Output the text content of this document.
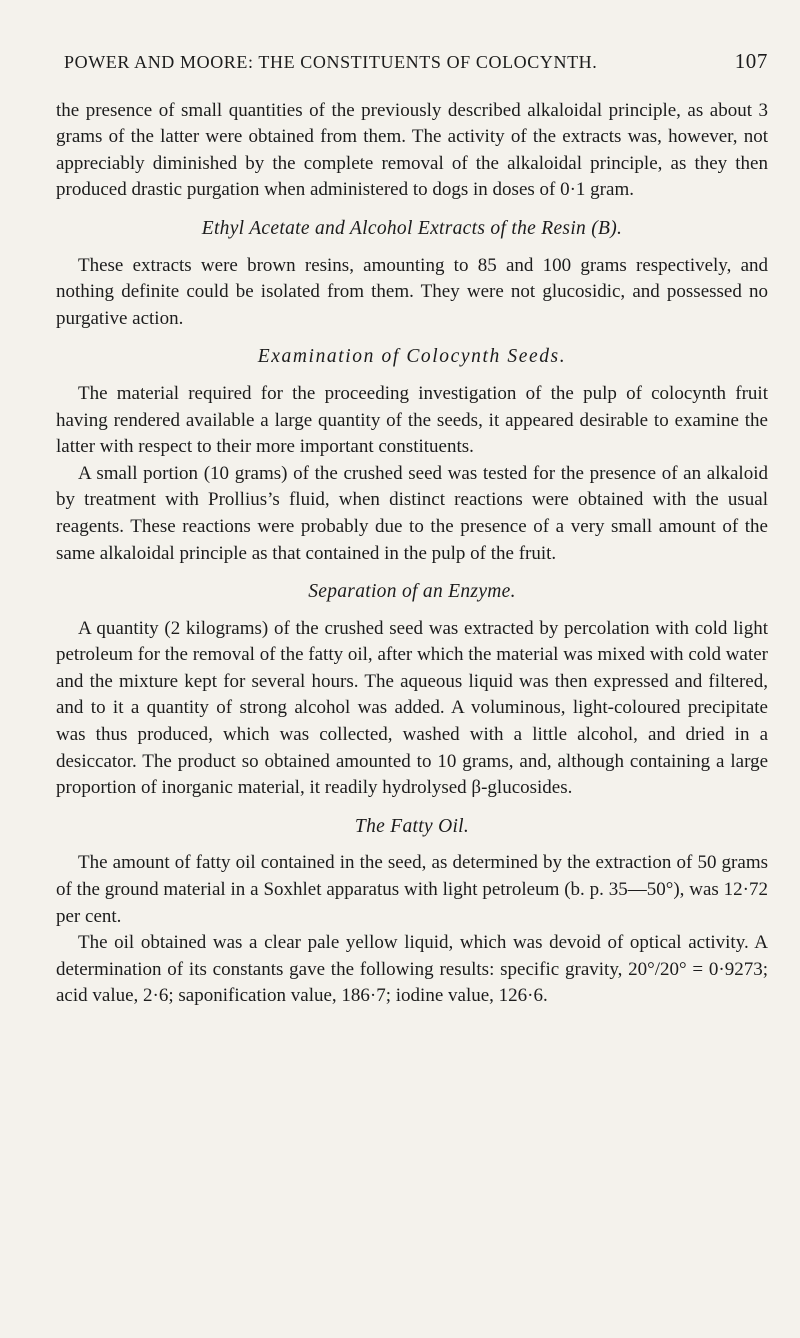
POWER AND MOORE: THE CONSTITUENTS OF COLOCYNTH.	107

the presence of small quantities of the previously described alkaloidal principle, as about 3 grams of the latter were obtained from them. The activity of the extracts was, however, not appreciably diminished by the complete removal of the alkaloidal principle, as they then produced drastic purgation when administered to dogs in doses of 0·1 gram.

Ethyl Acetate and Alcohol Extracts of the Resin (B).

These extracts were brown resins, amounting to 85 and 100 grams respectively, and nothing definite could be isolated from them. They were not glucosidic, and possessed no purgative action.

Examination of Colocynth Seeds.

The material required for the proceeding investigation of the pulp of colocynth fruit having rendered available a large quantity of the seeds, it appeared desirable to examine the latter with respect to their more important constituents.

A small portion (10 grams) of the crushed seed was tested for the presence of an alkaloid by treatment with Prollius’s fluid, when distinct reactions were obtained with the usual reagents. These reactions were probably due to the presence of a very small amount of the same alkaloidal principle as that contained in the pulp of the fruit.

Separation of an Enzyme.

A quantity (2 kilograms) of the crushed seed was extracted by percolation with cold light petroleum for the removal of the fatty oil, after which the material was mixed with cold water and the mixture kept for several hours. The aqueous liquid was then expressed and filtered, and to it a quantity of strong alcohol was added. A voluminous, light-coloured precipitate was thus produced, which was collected, washed with a little alcohol, and dried in a desiccator. The product so obtained amounted to 10 grams, and, although containing a large proportion of inorganic material, it readily hydrolysed β-glucosides.

The Fatty Oil.

The amount of fatty oil contained in the seed, as determined by the extraction of 50 grams of the ground material in a Soxhlet apparatus with light petroleum (b. p. 35—50°), was 12·72 per cent.

The oil obtained was a clear pale yellow liquid, which was devoid of optical activity. A determination of its constants gave the following results: specific gravity, 20°/20° = 0·9273; acid value, 2·6; saponification value, 186·7; iodine value, 126·6.
